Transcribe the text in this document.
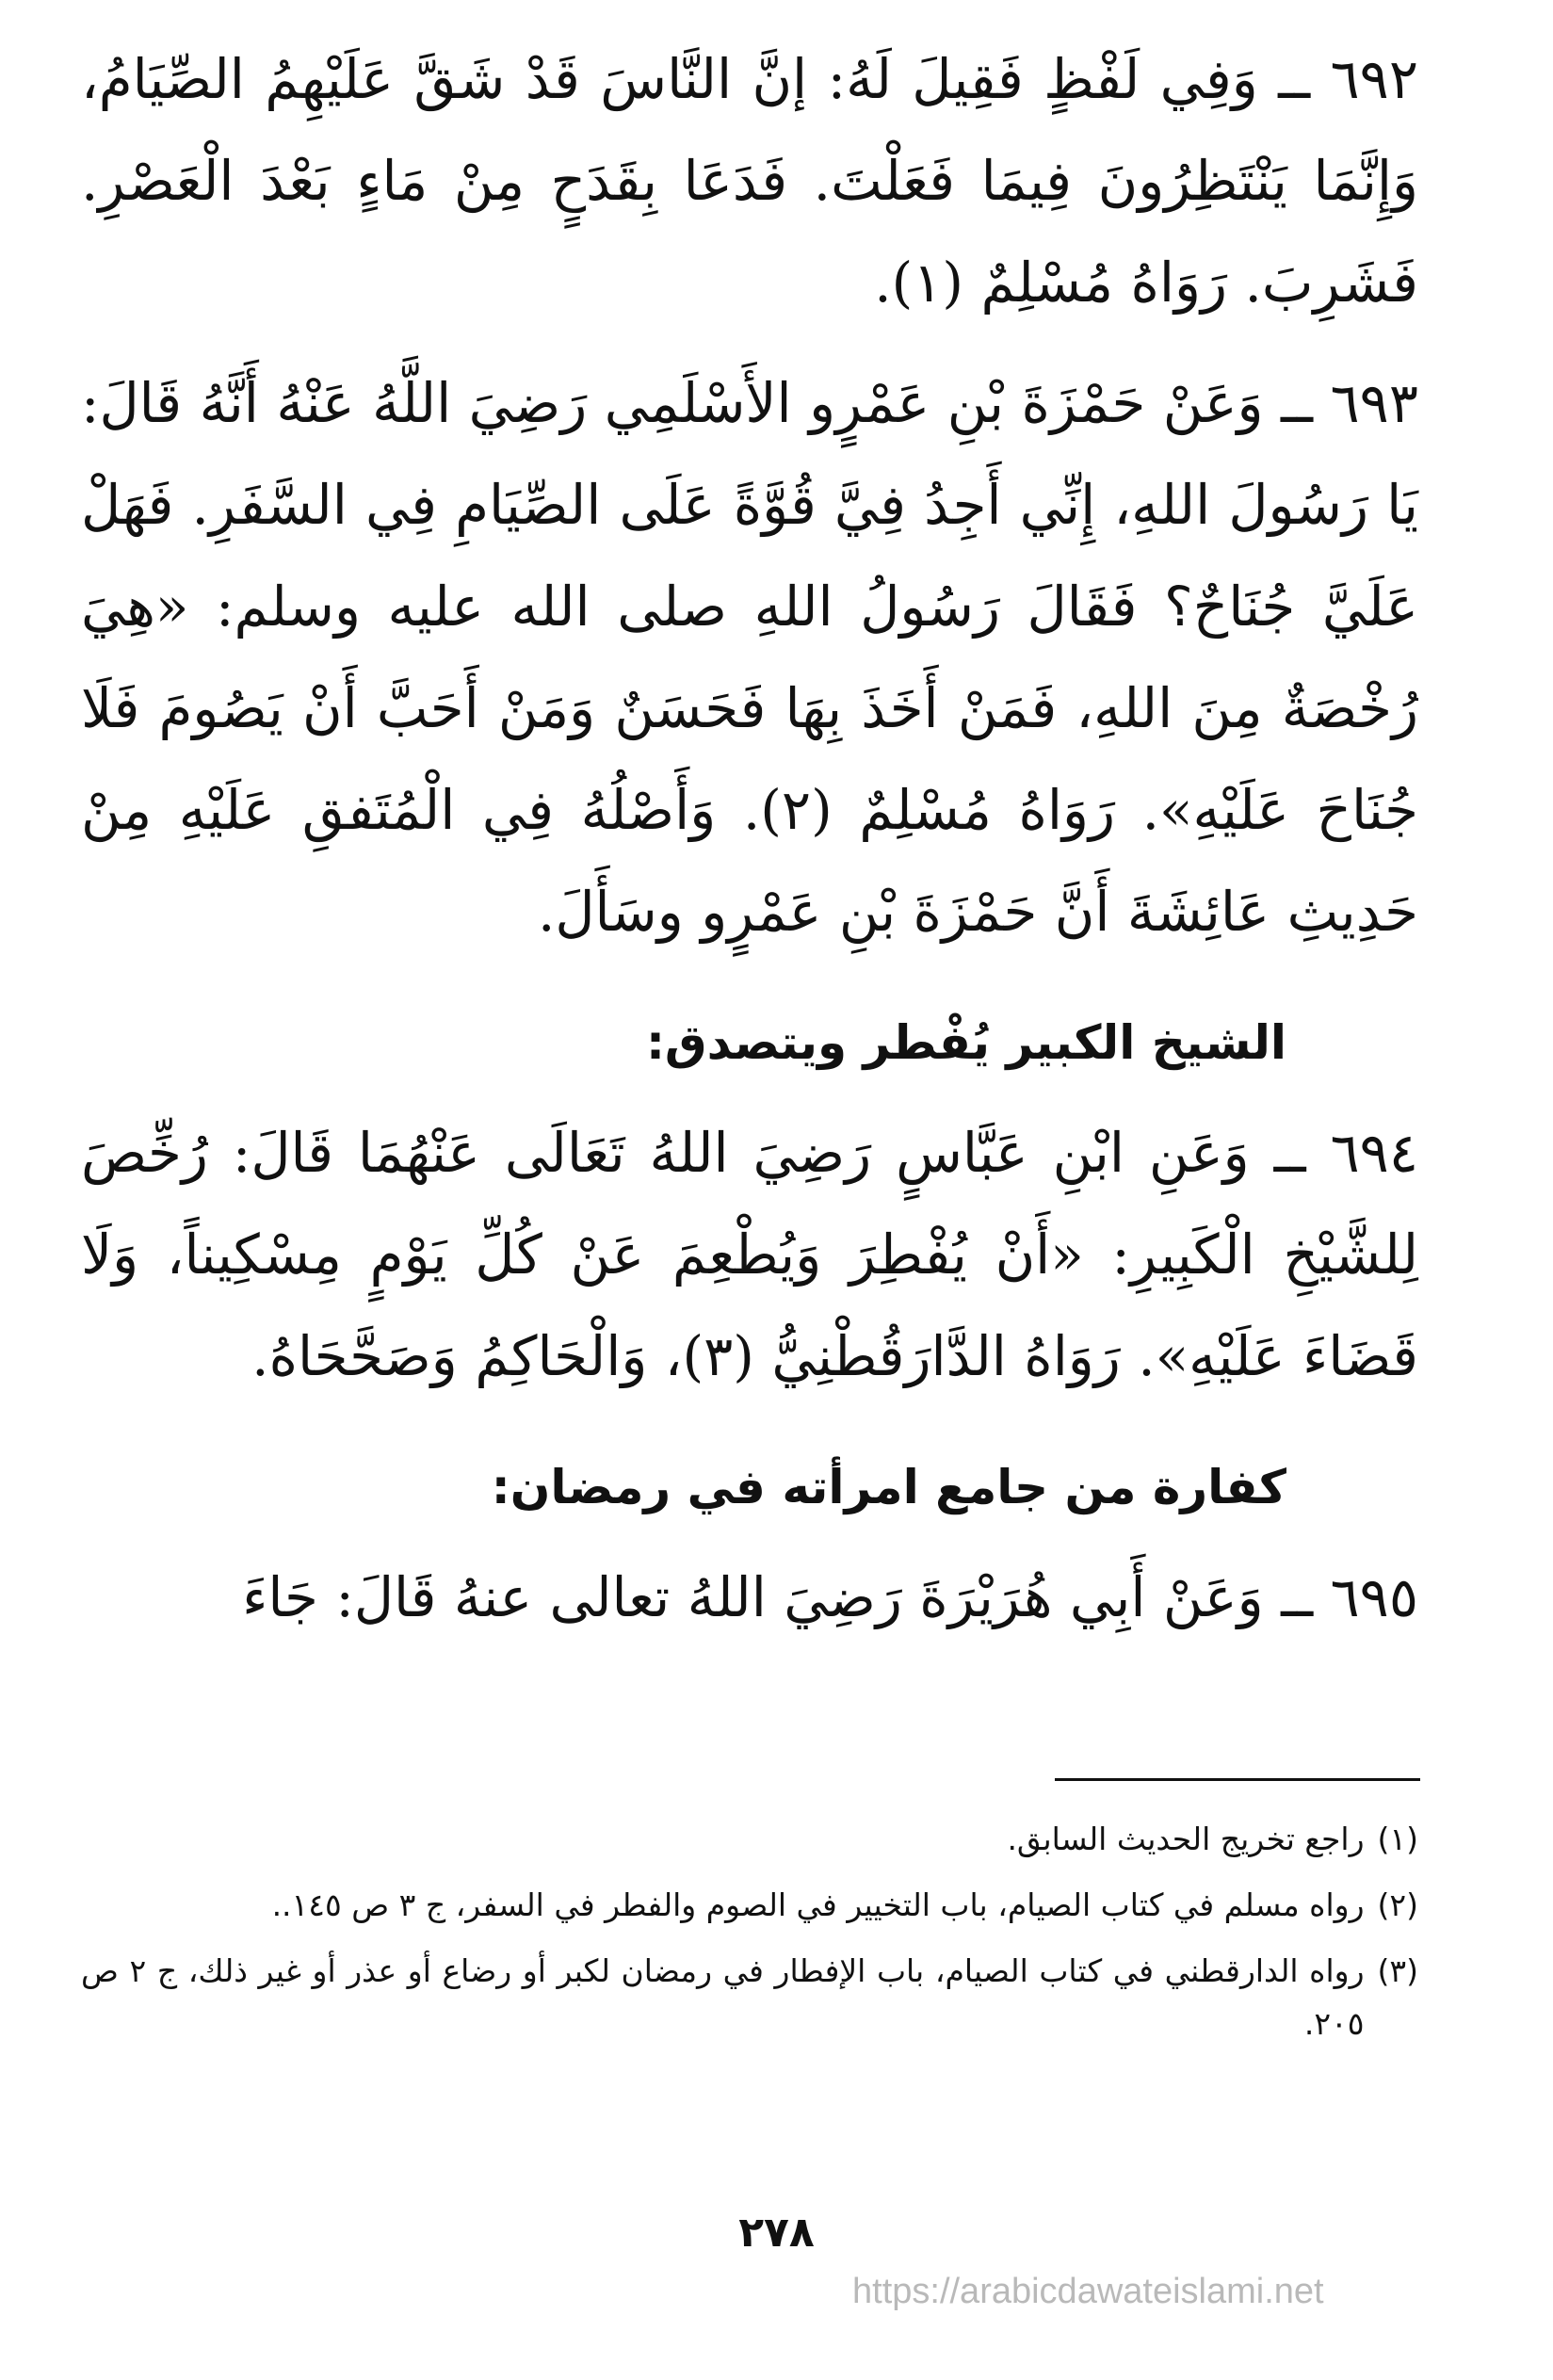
٦٩٢ ــ وَفِي لَفْظٍ فَقِيلَ لَهُ: إنَّ النَّاسَ قَدْ شَقَّ عَلَيْهِمُ الصِّيَامُ، وَإِنَّمَا يَنْتَظِرُونَ فِيمَا فَعَلْتَ. فَدَعَا بِقَدَحٍ مِنْ مَاءٍ بَعْدَ الْعَصْرِ. فَشَرِبَ. رَوَاهُ مُسْلِمٌ (١).

٦٩٣ ــ وَعَنْ حَمْزَةَ بْنِ عَمْرٍو الأَسْلَمِي رَضِيَ اللَّهُ عَنْهُ أَنَّهُ قَالَ: يَا رَسُولَ اللهِ، إِنِّي أَجِدُ فِيَّ قُوَّةً عَلَى الصِّيَامِ فِي السَّفَرِ. فَهَلْ عَلَيَّ جُنَاحٌ؟ فَقَالَ رَسُولُ اللهِ صلى الله عليه وسلم: «هِيَ رُخْصَةٌ مِنَ اللهِ، فَمَنْ أَخَذَ بِهَا فَحَسَنٌ وَمَنْ أَحَبَّ أَنْ يَصُومَ فَلَا جُنَاحَ عَلَيْهِ». رَوَاهُ مُسْلِمٌ (٢). وَأَصْلُهُ فِي الْمُتَفقِ عَلَيْهِ مِنْ حَدِيثِ عَائِشَةَ أَنَّ حَمْزَةَ بْنِ عَمْرٍو وسَأَلَ.

الشيخ الكبير يُفْطر ويتصدق:

٦٩٤ ــ وَعَنِ ابْنِ عَبَّاسٍ رَضِيَ اللهُ تَعَالَى عَنْهُمَا قَالَ: رُخِّصَ لِلشَّيْخِ الْكَبِيرِ: «أَنْ يُفْطِرَ وَيُطْعِمَ عَنْ كُلِّ يَوْمٍ مِسْكِيناً، وَلَا قَضَاءَ عَلَيْهِ». رَوَاهُ الدَّارَقُطْنِيُّ (٣)، وَالْحَاكِمُ وَصَحَّحَاهُ.

كفارة من جامع امرأته في رمضان:

٦٩٥ ــ وَعَنْ أَبِي هُرَيْرَةَ رَضِيَ اللهُ تعالى عنهُ قَالَ: جَاءَ

(١)
راجع تخريج الحديث السابق.
(٢)
رواه مسلم في كتاب الصيام، باب التخيير في الصوم والفطر في السفر، ج ٣ ص ١٤٥..
(٣)
رواه الدارقطني في كتاب الصيام، باب الإفطار في رمضان لكبر أو رضاع أو عذر أو غير ذلك، ج ٢ ص ٢٠٥.
٢٧٨
https://arabicdawateislami.net
